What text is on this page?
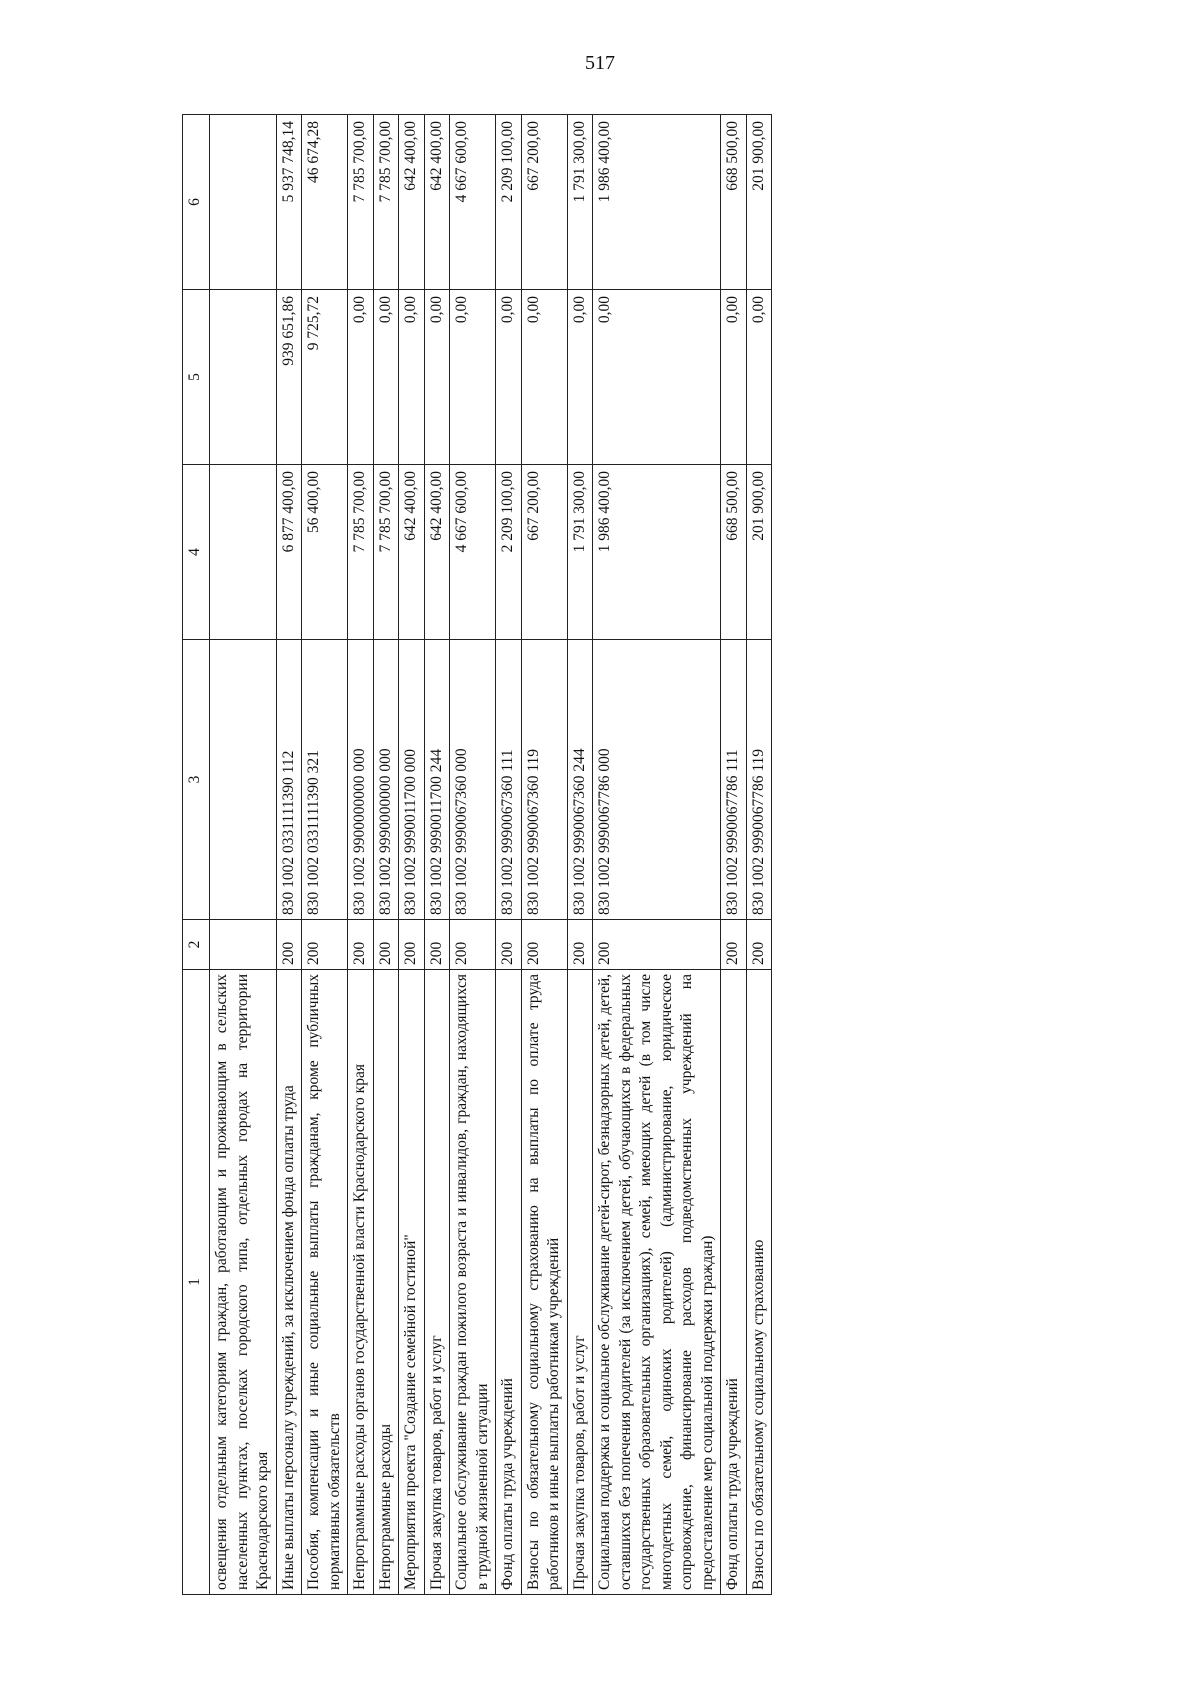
517
1	2	3	4	5	6
освещения отдельным категориям граждан, работающим и проживающим в сельских населенных пунктах, поселках городского типа, отдельных городах на территории Краснодарского края					
Иные выплаты персоналу учреждений, за исключением фонда оплаты труда	200	830 1002 0331111390 112	6 877 400,00	939 651,86	5 937 748,14
Пособия, компенсации и иные социальные выплаты гражданам, кроме публичных нормативных обязательств	200	830 1002 0331111390 321	56 400,00	9 725,72	46 674,28
Непрограммные расходы органов государственной власти Краснодарского края	200	830 1002 9900000000 000	7 785 700,00	0,00	7 785 700,00
Непрограммные расходы	200	830 1002 9990000000 000	7 785 700,00	0,00	7 785 700,00
Мероприятия проекта "Создание семейной гостиной"	200	830 1002 9990011700 000	642 400,00	0,00	642 400,00
Прочая закупка товаров, работ и услуг	200	830 1002 9990011700 244	642 400,00	0,00	642 400,00
Социальное обслуживание граждан пожилого возраста и инвалидов, граждан, находящихся в трудной жизненной ситуации	200	830 1002 9990067360 000	4 667 600,00	0,00	4 667 600,00
Фонд оплаты труда учреждений	200	830 1002 9990067360 111	2 209 100,00	0,00	2 209 100,00
Взносы по обязательному социальному страхованию на выплаты по оплате труда работников и иные выплаты работникам учреждений	200	830 1002 9990067360 119	667 200,00	0,00	667 200,00
Прочая закупка товаров, работ и услуг	200	830 1002 9990067360 244	1 791 300,00	0,00	1 791 300,00
Социальная поддержка и социальное обслуживание детей-сирот, безнадзорных детей, детей, оставшихся без попечения родителей (за исключением детей, обучающихся в федеральных государственных образовательных организациях), семей, имеющих детей (в том числе многодетных семей, одиноких родителей) (администрирование, юридическое сопровождение, финансирование расходов подведомственных учреждений на предоставление мер социальной поддержки граждан)	200	830 1002 9990067786 000	1 986 400,00	0,00	1 986 400,00
Фонд оплаты труда учреждений	200	830 1002 9990067786 111	668 500,00	0,00	668 500,00
Взносы по обязательному социальному страхованию	200	830 1002 9990067786 119	201 900,00	0,00	201 900,00
